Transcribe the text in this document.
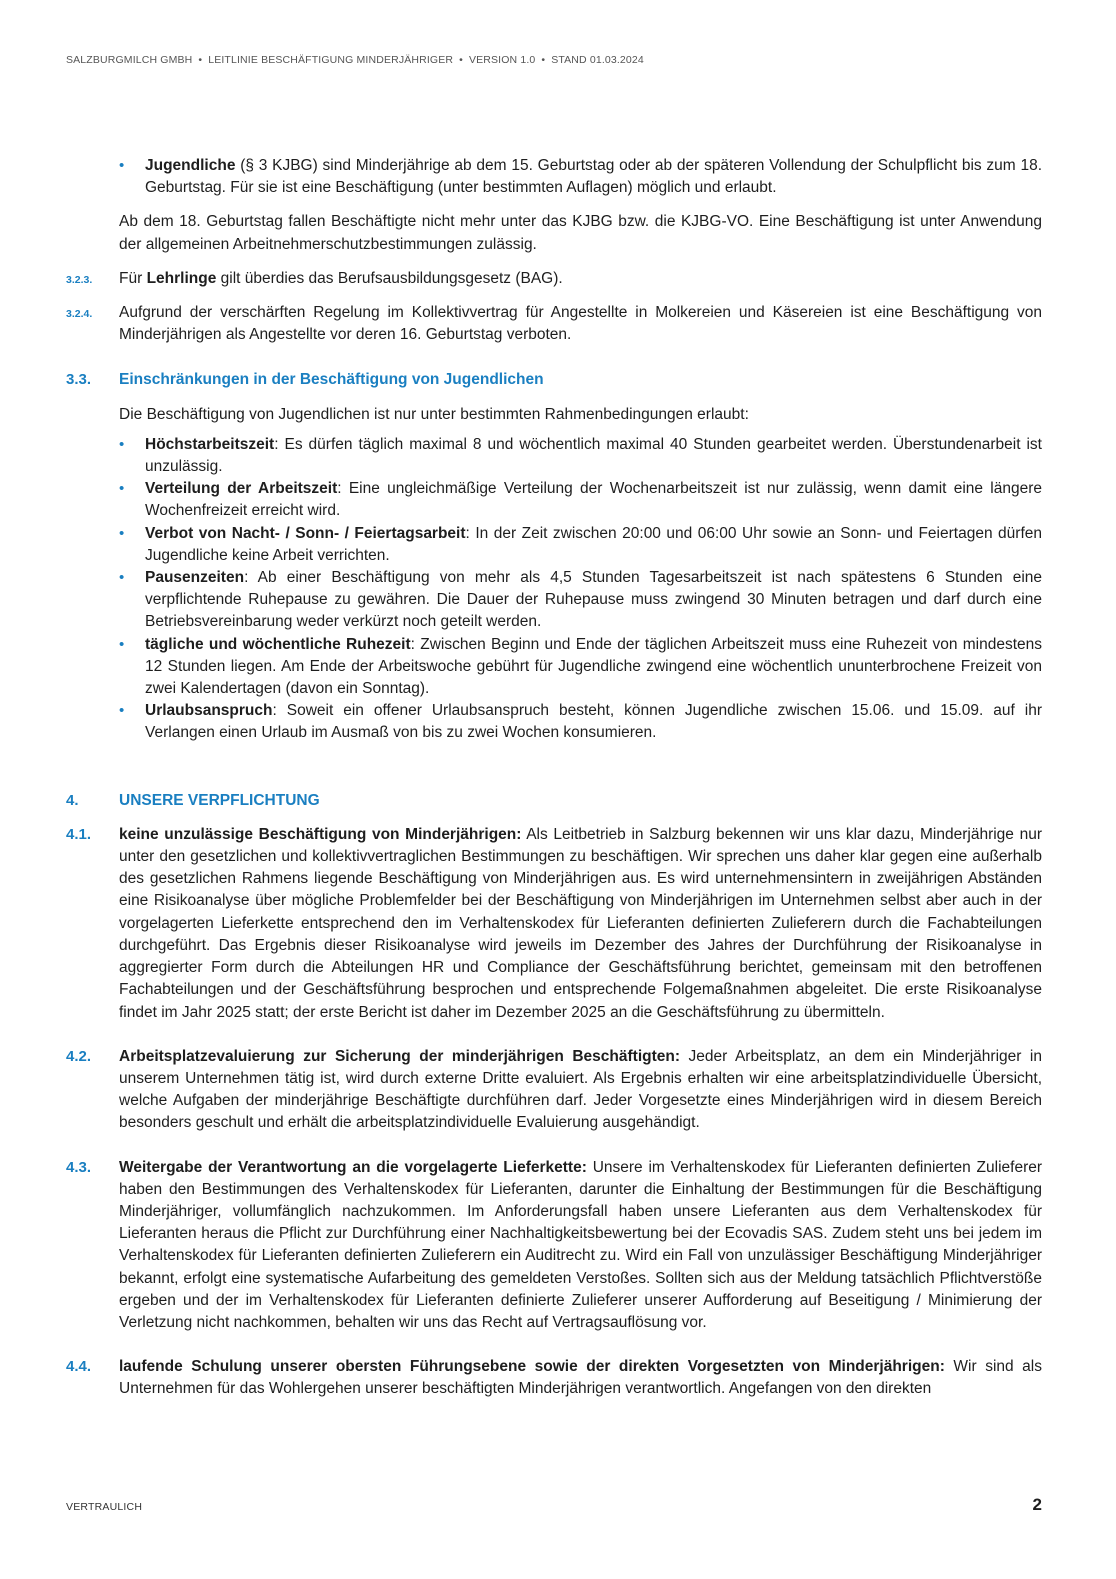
SALZBURGMILCH GMBH • LEITLINIE BESCHÄFTIGUNG MINDERJÄHRIGER • VERSION 1.0 • STAND 01.03.2024
• Jugendliche (§ 3 KJBG) sind Minderjährige ab dem 15. Geburtstag oder ab der späteren Vollendung der Schulpflicht bis zum 18. Geburtstag. Für sie ist eine Beschäftigung (unter bestimmten Auflagen) möglich und erlaubt.
Ab dem 18. Geburtstag fallen Beschäftigte nicht mehr unter das KJBG bzw. die KJBG-VO. Eine Beschäftigung ist unter Anwendung der allgemeinen Arbeitnehmerschutzbestimmungen zulässig.
3.2.3. Für Lehrlinge gilt überdies das Berufsausbildungsgesetz (BAG).
3.2.4. Aufgrund der verschärften Regelung im Kollektivvertrag für Angestellte in Molkereien und Käsereien ist eine Beschäftigung von Minderjährigen als Angestellte vor deren 16. Geburtstag verboten.
3.3. Einschränkungen in der Beschäftigung von Jugendlichen
Die Beschäftigung von Jugendlichen ist nur unter bestimmten Rahmenbedingungen erlaubt:
• Höchstarbeitszeit: Es dürfen täglich maximal 8 und wöchentlich maximal 40 Stunden gearbeitet werden. Überstundenarbeit ist unzulässig.
• Verteilung der Arbeitszeit: Eine ungleichmäßige Verteilung der Wochenarbeitszeit ist nur zulässig, wenn damit eine längere Wochenfreizeit erreicht wird.
• Verbot von Nacht- / Sonn- / Feiertagsarbeit: In der Zeit zwischen 20:00 und 06:00 Uhr sowie an Sonn- und Feiertagen dürfen Jugendliche keine Arbeit verrichten.
• Pausenzeiten: Ab einer Beschäftigung von mehr als 4,5 Stunden Tagesarbeitszeit ist nach spätestens 6 Stunden eine verpflichtende Ruhepause zu gewähren. Die Dauer der Ruhepause muss zwingend 30 Minuten betragen und darf durch eine Betriebsvereinbarung weder verkürzt noch geteilt werden.
• tägliche und wöchentliche Ruhezeit: Zwischen Beginn und Ende der täglichen Arbeitszeit muss eine Ruhezeit von mindestens 12 Stunden liegen. Am Ende der Arbeitswoche gebührt für Jugendliche zwingend eine wöchentlich ununterbrochene Freizeit von zwei Kalendertagen (davon ein Sonntag).
• Urlaubsanspruch: Soweit ein offener Urlaubsanspruch besteht, können Jugendliche zwischen 15.06. und 15.09. auf ihr Verlangen einen Urlaub im Ausmaß von bis zu zwei Wochen konsumieren.
4.	UNSERE VERPFLICHTUNG
4.1. keine unzulässige Beschäftigung von Minderjährigen: Als Leitbetrieb in Salzburg bekennen wir uns klar dazu, Minderjährige nur unter den gesetzlichen und kollektivvertraglichen Bestimmungen zu beschäftigen. Wir sprechen uns daher klar gegen eine außerhalb des gesetzlichen Rahmens liegende Beschäftigung von Minderjährigen aus. Es wird unternehmensintern in zweijährigen Abständen eine Risikoanalyse über mögliche Problemfelder bei der Beschäftigung von Minderjährigen im Unternehmen selbst aber auch in der vorgelagerten Lieferkette entsprechend den im Verhaltenskodex für Lieferanten definierten Zulieferern durch die Fachabteilungen durchgeführt. Das Ergebnis dieser Risikoanalyse wird jeweils im Dezember des Jahres der Durchführung der Risikoanalyse in aggregierter Form durch die Abteilungen HR und Compliance der Geschäftsführung berichtet, gemeinsam mit den betroffenen Fachabteilungen und der Geschäftsführung besprochen und entsprechende Folgemaßnahmen abgeleitet. Die erste Risikoanalyse findet im Jahr 2025 statt; der erste Bericht ist daher im Dezember 2025 an die Geschäftsführung zu übermitteln.
4.2. Arbeitsplatzevaluierung zur Sicherung der minderjährigen Beschäftigten: Jeder Arbeitsplatz, an dem ein Minderjähriger in unserem Unternehmen tätig ist, wird durch externe Dritte evaluiert. Als Ergebnis erhalten wir eine arbeitsplatzindividuelle Übersicht, welche Aufgaben der minderjährige Beschäftigte durchführen darf. Jeder Vorgesetzte eines Minderjährigen wird in diesem Bereich besonders geschult und erhält die arbeitsplatzindividuelle Evaluierung ausgehändigt.
4.3. Weitergabe der Verantwortung an die vorgelagerte Lieferkette: Unsere im Verhaltenskodex für Lieferanten definierten Zulieferer haben den Bestimmungen des Verhaltenskodex für Lieferanten, darunter die Einhaltung der Bestimmungen für die Beschäftigung Minderjähriger, vollumfänglich nachzukommen. Im Anforderungsfall haben unsere Lieferanten aus dem Verhaltenskodex für Lieferanten heraus die Pflicht zur Durchführung einer Nachhaltigkeitsbewertung bei der Ecovadis SAS. Zudem steht uns bei jedem im Verhaltenskodex für Lieferanten definierten Zulieferern ein Auditrecht zu. Wird ein Fall von unzulässiger Beschäftigung Minderjähriger bekannt, erfolgt eine systematische Aufarbeitung des gemeldeten Verstoßes. Sollten sich aus der Meldung tatsächlich Pflichtverstöße ergeben und der im Verhaltenskodex für Lieferanten definierte Zulieferer unserer Aufforderung auf Beseitigung / Minimierung der Verletzung nicht nachkommen, behalten wir uns das Recht auf Vertragsauflösung vor.
4.4. laufende Schulung unserer obersten Führungsebene sowie der direkten Vorgesetzten von Minderjährigen: Wir sind als Unternehmen für das Wohlergehen unserer beschäftigten Minderjährigen verantwortlich. Angefangen von den direkten
VERTRAULICH	2
